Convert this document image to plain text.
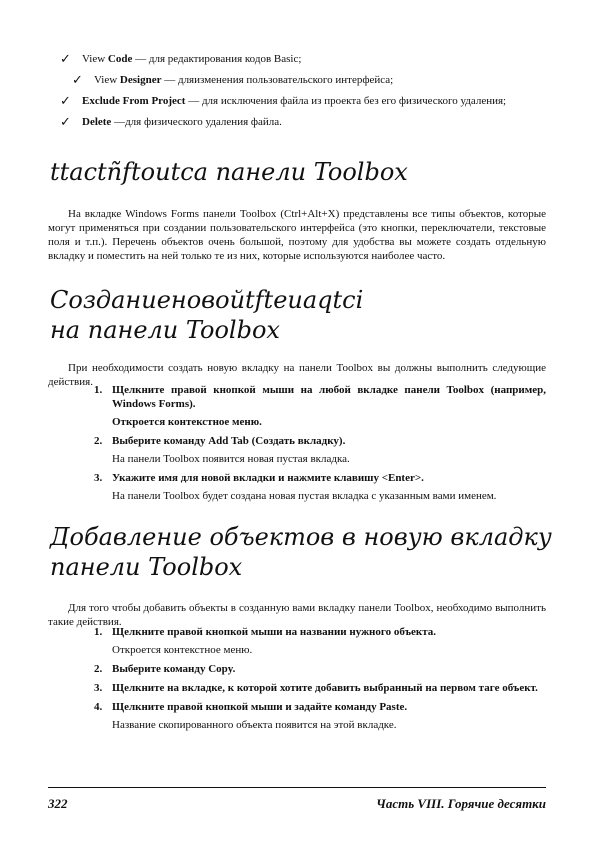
✓ View Code — для редактирования кодов Basic;
✓ View Designer — дляизменения пользовательского интерфейса;
✓ Exclude From Project — для исключения файла из проекта без его физического удаления;
✓ Delete —для физического удаления файла.
ttactñftoutca панели Toolbox

На вкладке Windows Forms панели Toolbox (Ctrl+Alt+X) представлены все типы объектов, которые могут применяться при создании пользовательского интерфейса (это кнопки, переключатели, текстовые поля и т.п.). Перечень объектов очень большой, поэтому для удобства вы можете создать отдельную вкладку и поместить на ней только те из них, которые используются наиболее часто.

Созданиеновойtfteuaqtci
на панели Toolbox

При необходимости создать новую вкладку на панели Toolbox вы должны выполнить следующие действия.

1. Щелкните правой кнопкой мыши на любой вкладке панели Toolbox (например, Windows Forms).
Откроется контекстное меню.
2. Выберите команду Add Tab (Создать вкладку).
На панели Toolbox появится новая пустая вкладка.
3. Укажите имя для новой вкладки и нажмите клавишу <Enter>.
На панели Toolbox будет создана новая пустая вкладка с указанным вами именем.
Добавление объектов в новую вкладку
панели Toolbox

Для того чтобы добавить объекты в созданную вами вкладку панели Toolbox, необходимо выполнить такие действия.

1. Щелкните правой кнопкой мыши на названии нужного объекта.
Откроется контекстное меню.
2. Выберите команду Copy.
3. Щелкните на вкладке, к которой хотите добавить выбранный на первом таге объект.
4. Щелкните правой кнопкой мыши и задайте команду Paste.
Название скопированного объекта появится на этой вкладке.
322	Часть VIII. Горячие десятки
